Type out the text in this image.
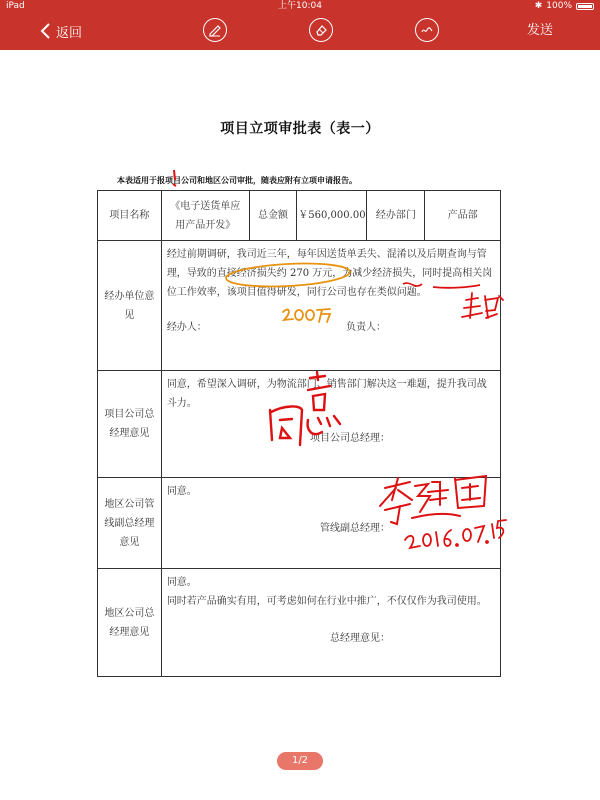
iPad	上午10:04	✱ 100%
返回	发送
项目立项审批表（表一）
本表适用于报项目公司和地区公司审批，随表应附有立项申请报告。
项目名称	《电子送货单应用产品开发》	总金额	￥560,000.00	经办部门	产品部
经办单位意见	经过前期调研，我司近三年，每年因送货单丢失、混淆以及后期查询与管理，导致的直接经济损失约 270 万元，为减少经济损失，同时提高相关岗位工作效率，该项目值得研发，同行公司也存在类似问题。

经办人： 负责人：				

项目公司总经理意见	同意，希望深入调研，为物流部门、销售部门解决这一难题，提升我司战斗力。

项目公司总经理：				

地区公司管线副总经理意见	同意。

管线副总经理：				

地区公司总经理意见	同意。

同时若产品确实有用，可考虑如何在行业中推广，不仅仅作为我司使用。

总经理意见：				

1/2
